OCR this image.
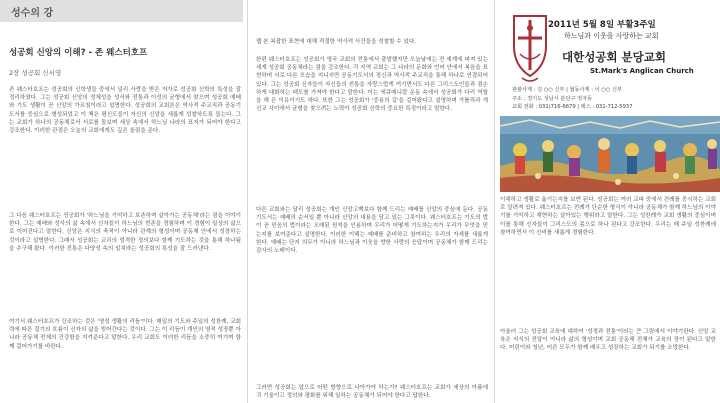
성수의 강
성공회 신앙의 이해? - 존 웨스터호프
2장 성공회 신서영
존 웨스터호프는 성공회의 신학생들 중에서 널리 사랑을 받은 저자로 성공회 신학의 특성을 잘 정리하였다. 그는 성공회 신앙의 정체성을 성서와 전통과 이성의 균형에서 찾으며 성공회 예배와 기도 생활이 곧 신앙의 가르침이라고 설명한다. 성공회의 교회론은 역사적 주교직과 공동기도서를 중심으로 형성되었고 이 책은 평신도들이 자신의 신앙을 새롭게 성찰하도록 돕는다. 그는 교회가 하나의 공동체로서 서로를 돌보며 세상 속에서 하느님 나라의 표지가 되어야 한다고 강조한다. 이러한 관점은 오늘의 교회에게도 깊은 울림을 준다.
그 다음 웨스터호프는 성공회가 '하느님을 기억하고 보존하며 살아가는 공동체'라는 점을 이야기한다. 그는 예배와 성사의 삶 속에서 신자들이 하느님의 현존을 경험하며 이 경험이 일상의 삶으로 이어진다고 말한다. 신앙은 지식의 축적이 아니라 관계의 형성이며 공동체 안에서 성장하는 것이라고 설명한다. 그래서 성공회는 교리의 엄격한 정의보다 함께 기도하는 것을 통해 하나됨을 추구해 왔다. 이러한 전통은 다양성 속의 일치라는 성공회의 특성을 잘 드러낸다.
여기서 웨스터호프가 강조하는 것은 '영성 생활의 리듬'이다. 매일의 기도와 주일의 성찬례, 교회력에 따른 절기의 흐름이 신자의 삶을 빚어간다는 것이다. 그는 이 리듬이 개인의 영적 성장뿐 아니라 공동체 전체의 건강함을 지켜준다고 말한다. 우리 교회도 이러한 리듬을 소중히 여기며 함께 걸어가기를 바란다.
웹 본 복잡한 표현에 대해 적절한 역사적 사건들을 성찰할 수 있다.
한편 웨스터호프는 성공회가 영국 교회의 전통에서 출발했지만 오늘날에는 전 세계에 퍼져 있는 세계 성공회 공동체라는 점을 강조한다. 각 지역 교회는 그 나라의 문화와 언어 안에서 복음을 표현하며 서로 다른 모습을 지니지만 공동기도서의 정신과 역사적 주교직을 통해 하나로 연결되어 있다. 그는 성공회 신자들이 자신들의 전통을 자랑스럽게 여기면서도 다른 그리스도인들과 겸손하게 대화하는 태도를 가져야 한다고 말한다. 이는 에큐메니칼 운동 속에서 성공회가 다리 역할을 해 온 이유이기도 하다. 또한 그는 성공회가 '중용의 길'을 걸어왔다고 설명하며 가톨릭과 개신교 사이에서 균형을 찾으려는 노력이 성공회 신학의 중요한 특징이라고 말한다.
다른 교회와는 달리 성공회는 개인 신앙고백보다 함께 드리는 예배를 신앙의 중심에 둔다. 공동기도서는 예배의 순서일 뿐 아니라 신앙의 내용을 담고 있는 그릇이다. 웨스터호프는 기도의 법이 곧 믿음의 법이라는 오래된 원칙을 인용하며 우리가 어떻게 기도하는지가 우리가 무엇을 믿는지를 보여준다고 설명한다. 이러한 이해는 예배를 준비하고 참여하는 우리의 자세를 새롭게 한다. 예배는 단지 의무가 아니라 하느님과 이웃을 향한 사랑의 응답이며 공동체가 함께 드리는 감사의 노래이다.
그러면 성공회는 앞으로 어떤 방향으로 나아가야 하는가? 웨스터호프는 교회가 세상의 아픔에 귀 기울이고 정의와 평화를 위해 일하는 공동체가 되어야 한다고 답한다.
2011년 5월 8일 부활3주일
하느님과 이웃을 사랑하는 교회
대한성공회 분당교회
St.Mark's Anglican Church
관할사제 : 김 ○○ 신부 | 협동사제 : 이 ○○ 신부
주소 : 경기도 성남시 분당구 정자동
교회 전화 : 031)716-6679 | 팩스 : 031-712-5937
이해하고 생활로 옮기는지를 보면 된다. 성공회는 여러 교파 중에서 전례를 중시하는 교회로 알려져 있다. 웨스터호프는 전례가 단순한 형식이 아니라 공동체가 함께 하느님의 이야기를 기억하고 재현하는 살아있는 행위라고 말한다. 그는 성찬례가 교회 생활의 중심이며 이를 통해 신자들이 그리스도의 몸으로 하나 된다고 강조한다. 우리는 매 주일 성찬례에 참여하면서 이 신비를 새롭게 경험한다.
아울러 그는 성공회 교육에 대하여 '성경과 전통'이라는 큰 그림에서 이야기한다. 신앙 교육은 지식의 전달이 아니라 삶의 형성이며 교회 공동체 전체가 교육의 장이 된다고 말한다. 어린이와 청년, 어른 모두가 함께 배우고 성장하는 교회가 되기를 소망한다.
